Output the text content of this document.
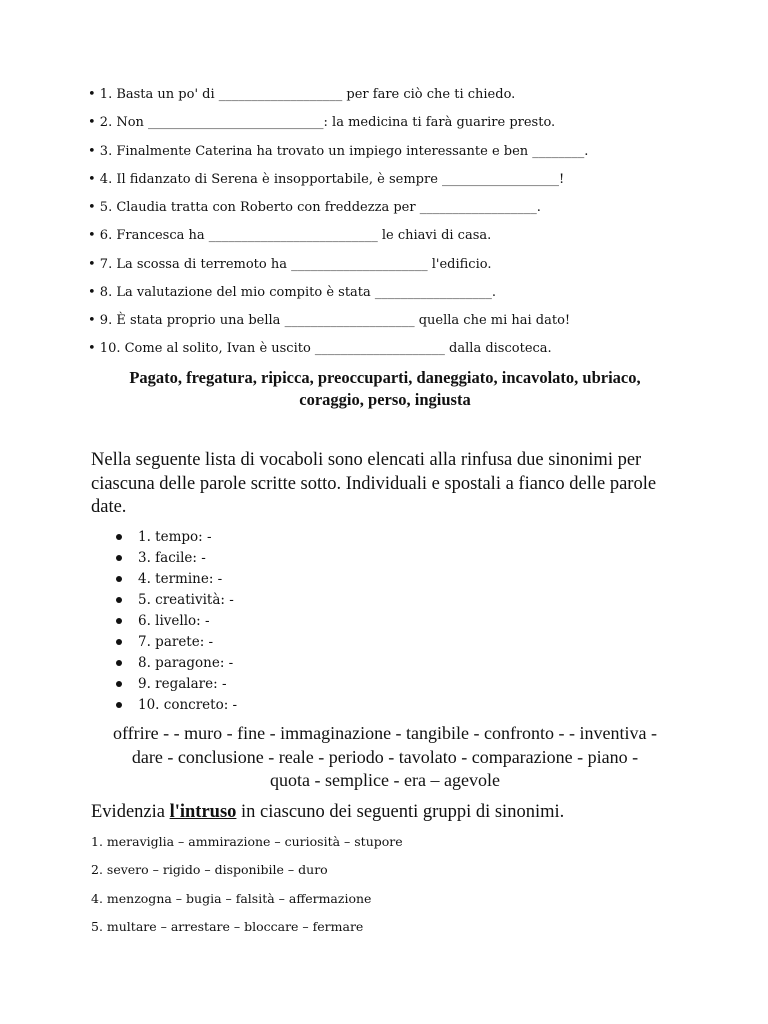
• 1. Basta un po' di ___________________ per fare ciò che ti chiedo.
• 2. Non ___________________________: la medicina ti farà guarire presto.
• 3. Finalmente Caterina ha trovato un impiego interessante e ben ________.
• 4. Il fidanzato di Serena è insopportabile, è sempre __________________!
• 5. Claudia tratta con Roberto con freddezza per __________________.
• 6. Francesca ha __________________________ le chiavi di casa.
• 7. La scossa di terremoto ha _____________________ l'edificio.
• 8. La valutazione del mio compito è stata __________________.
• 9. È stata proprio una bella ____________________ quella che mi hai dato!
• 10. Come al solito, Ivan è uscito ____________________ dalla discoteca.
Pagato, fregatura, ripicca, preoccuparti, daneggiato, incavolato, ubriaco,
coraggio, perso, ingiusta
Nella seguente lista di vocaboli sono elencati alla rinfusa due sinonimi per ciascuna delle parole scritte sotto. Individuali e spostali a fianco delle parole date.
1. tempo: -
3. facile: -
4. termine: -
5. creatività: -
6. livello: -
7. parete: -
8. paragone: -
9. regalare: -
10. concreto: -
offrire - - muro - fine - immaginazione - tangibile - confronto - - inventiva -
dare - conclusione - reale - periodo - tavolato - comparazione - piano -
quota - semplice - era – agevole
Evidenzia l'intruso in ciascuno dei seguenti gruppi di sinonimi.
1. meraviglia – ammirazione – curiosità – stupore
2. severo – rigido – disponibile – duro
4. menzogna – bugia – falsità – affermazione
5. multare – arrestare – bloccare – fermare
